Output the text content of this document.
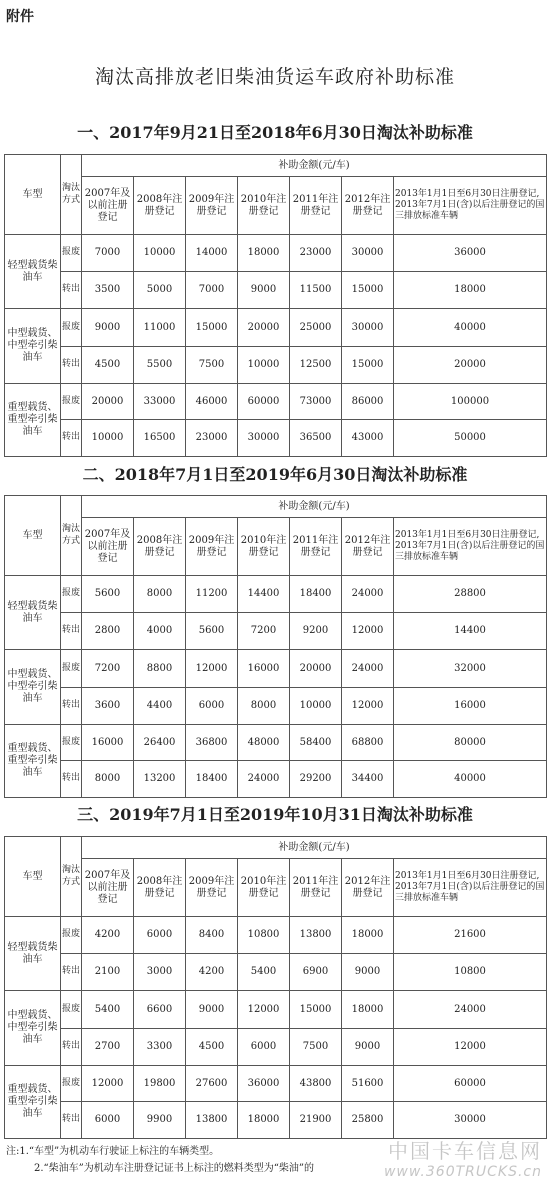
附件
淘汰高排放老旧柴油货运车政府补助标准
一、2017年9月21日至2018年6月30日淘汰补助标准
二、2018年7月1日至2019年6月30日淘汰补助标准
三、2019年7月1日至2019年10月31日淘汰补助标准
车型	淘汰方式	补助金额(元/车)						
		2007年及以前注册登记	2008年注册登记	2009年注册登记	2010年注册登记	2011年注册登记	2012年注册登记	2013年1月1日至6月30日注册登记,2013年7月1日(含)以后注册登记的国三排放标准车辆
轻型载货柴油车	报废	7000	10000	14000	18000	23000	30000	36000
	转出	3500	5000	7000	9000	11500	15000	18000
中型载货、中型牵引柴油车	报废	9000	11000	15000	20000	25000	30000	40000
	转出	4500	5500	7500	10000	12500	15000	20000
重型载货、重型牵引柴油车	报废	20000	33000	46000	60000	73000	86000	100000
	转出	10000	16500	23000	30000	36500	43000	50000
车型	淘汰方式	补助金额(元/车)						
		2007年及以前注册登记	2008年注册登记	2009年注册登记	2010年注册登记	2011年注册登记	2012年注册登记	2013年1月1日至6月30日注册登记,2013年7月1日(含)以后注册登记的国三排放标准车辆
轻型载货柴油车	报废	5600	8000	11200	14400	18400	24000	28800
	转出	2800	4000	5600	7200	9200	12000	14400
中型载货、中型牵引柴油车	报废	7200	8800	12000	16000	20000	24000	32000
	转出	3600	4400	6000	8000	10000	12000	16000
重型载货、重型牵引柴油车	报废	16000	26400	36800	48000	58400	68800	80000
	转出	8000	13200	18400	24000	29200	34400	40000
车型	淘汰方式	补助金额(元/车)						
		2007年及以前注册登记	2008年注册登记	2009年注册登记	2010年注册登记	2011年注册登记	2012年注册登记	2013年1月1日至6月30日注册登记,2013年7月1日(含)以后注册登记的国三排放标准车辆
轻型载货柴油车	报废	4200	6000	8400	10800	13800	18000	21600
	转出	2100	3000	4200	5400	6900	9000	10800
中型载货、中型牵引柴油车	报废	5400	6600	9000	12000	15000	18000	24000
	转出	2700	3300	4500	6000	7500	9000	12000
重型载货、重型牵引柴油车	报废	12000	19800	27600	36000	43800	51600	60000
	转出	6000	9900	13800	18000	21900	25800	30000
注:1.“车型”为机动车行驶证上标注的车辆类型。
2.“柴油车”为机动车注册登记证书上标注的燃料类型为“柴油”的
中国卡车信息网
www.360TRUCKS.cn
